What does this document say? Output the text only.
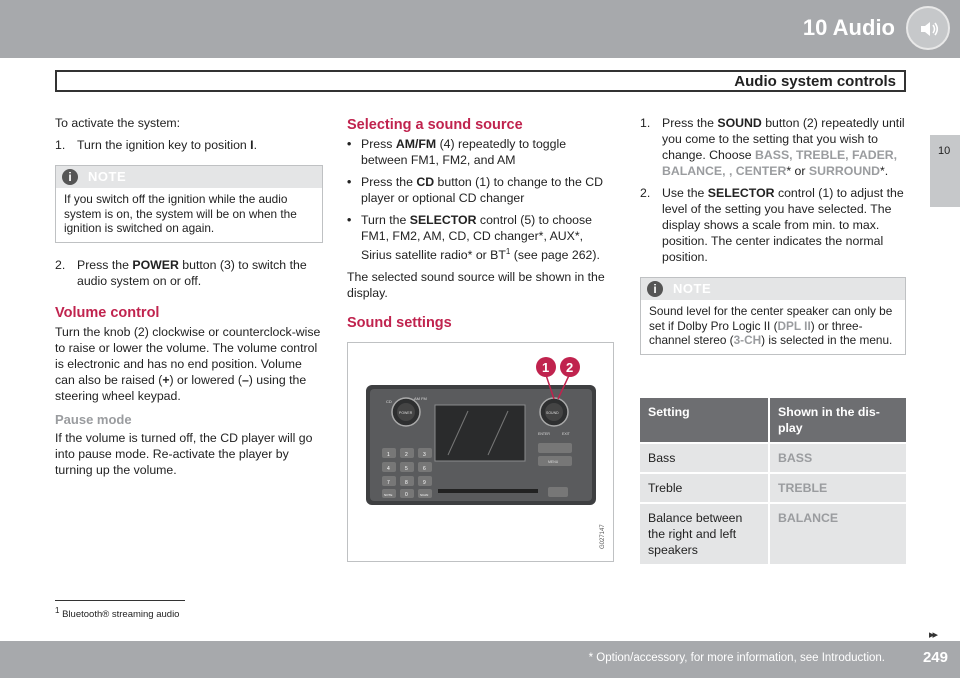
10 Audio
Audio system controls
10

To activate the system:

1. Turn the ignition key to position I.
i	NOTE
If you switch off the ignition while the audio system is on, the system will be on when the ignition is switched on again.
2. Press the POWER button (3) to switch the audio system on or off.
Volume control

Turn the knob (2) clockwise or counterclock-wise to raise or lower the volume. The volume control is electronic and has no end position. Volume can also be raised (+) or lowered (–) using the steering wheel keypad.

Pause mode

If the volume is turned off, the CD player will go into pause mode. Re-activate the player by turning up the volume.

Selecting a sound source
• Press AM/FM (4) repeatedly to toggle between FM1, FM2, and AM
• Press the CD button (1) to change to the CD player or optional CD changer
• Turn the SELECTOR control (5) to choose FM1, FM2, AM, CD, CD changer*, AUX*, Sirius satellite radio* or $BT^1$ (see page 262).

The selected sound source will be shown in the display.

Sound settings
CD
AM FM
POWER	SOUND
ENTER	EXIT
MENU
1	2	3
4	5	6
7	8	9
NOTE	0	SCAN
1 2
G027147
1. Press the SOUND button (2) repeatedly until you come to the setting that you wish to change. Choose BASS, TREBLE, FADER, BALANCE, , CENTER* or SURROUND*.
2. Use the SELECTOR control (1) to adjust the level of the setting you have selected. The display shows a scale from min. to max. position. The center indicates the normal position.
i	NOTE
Sound level for the center speaker can only be set if Dolby Pro Logic II (DPL II) or three-channel stereo (3-CH) is selected in the menu.
Setting	Shown in the dis-play
Bass	BASS
Treble	TREBLE
Balance between the right and left speakers	BALANCE
$^1$ Bluetooth® streaming audio
▸▸
* Option/accessory, for more information, see Introduction.	249
